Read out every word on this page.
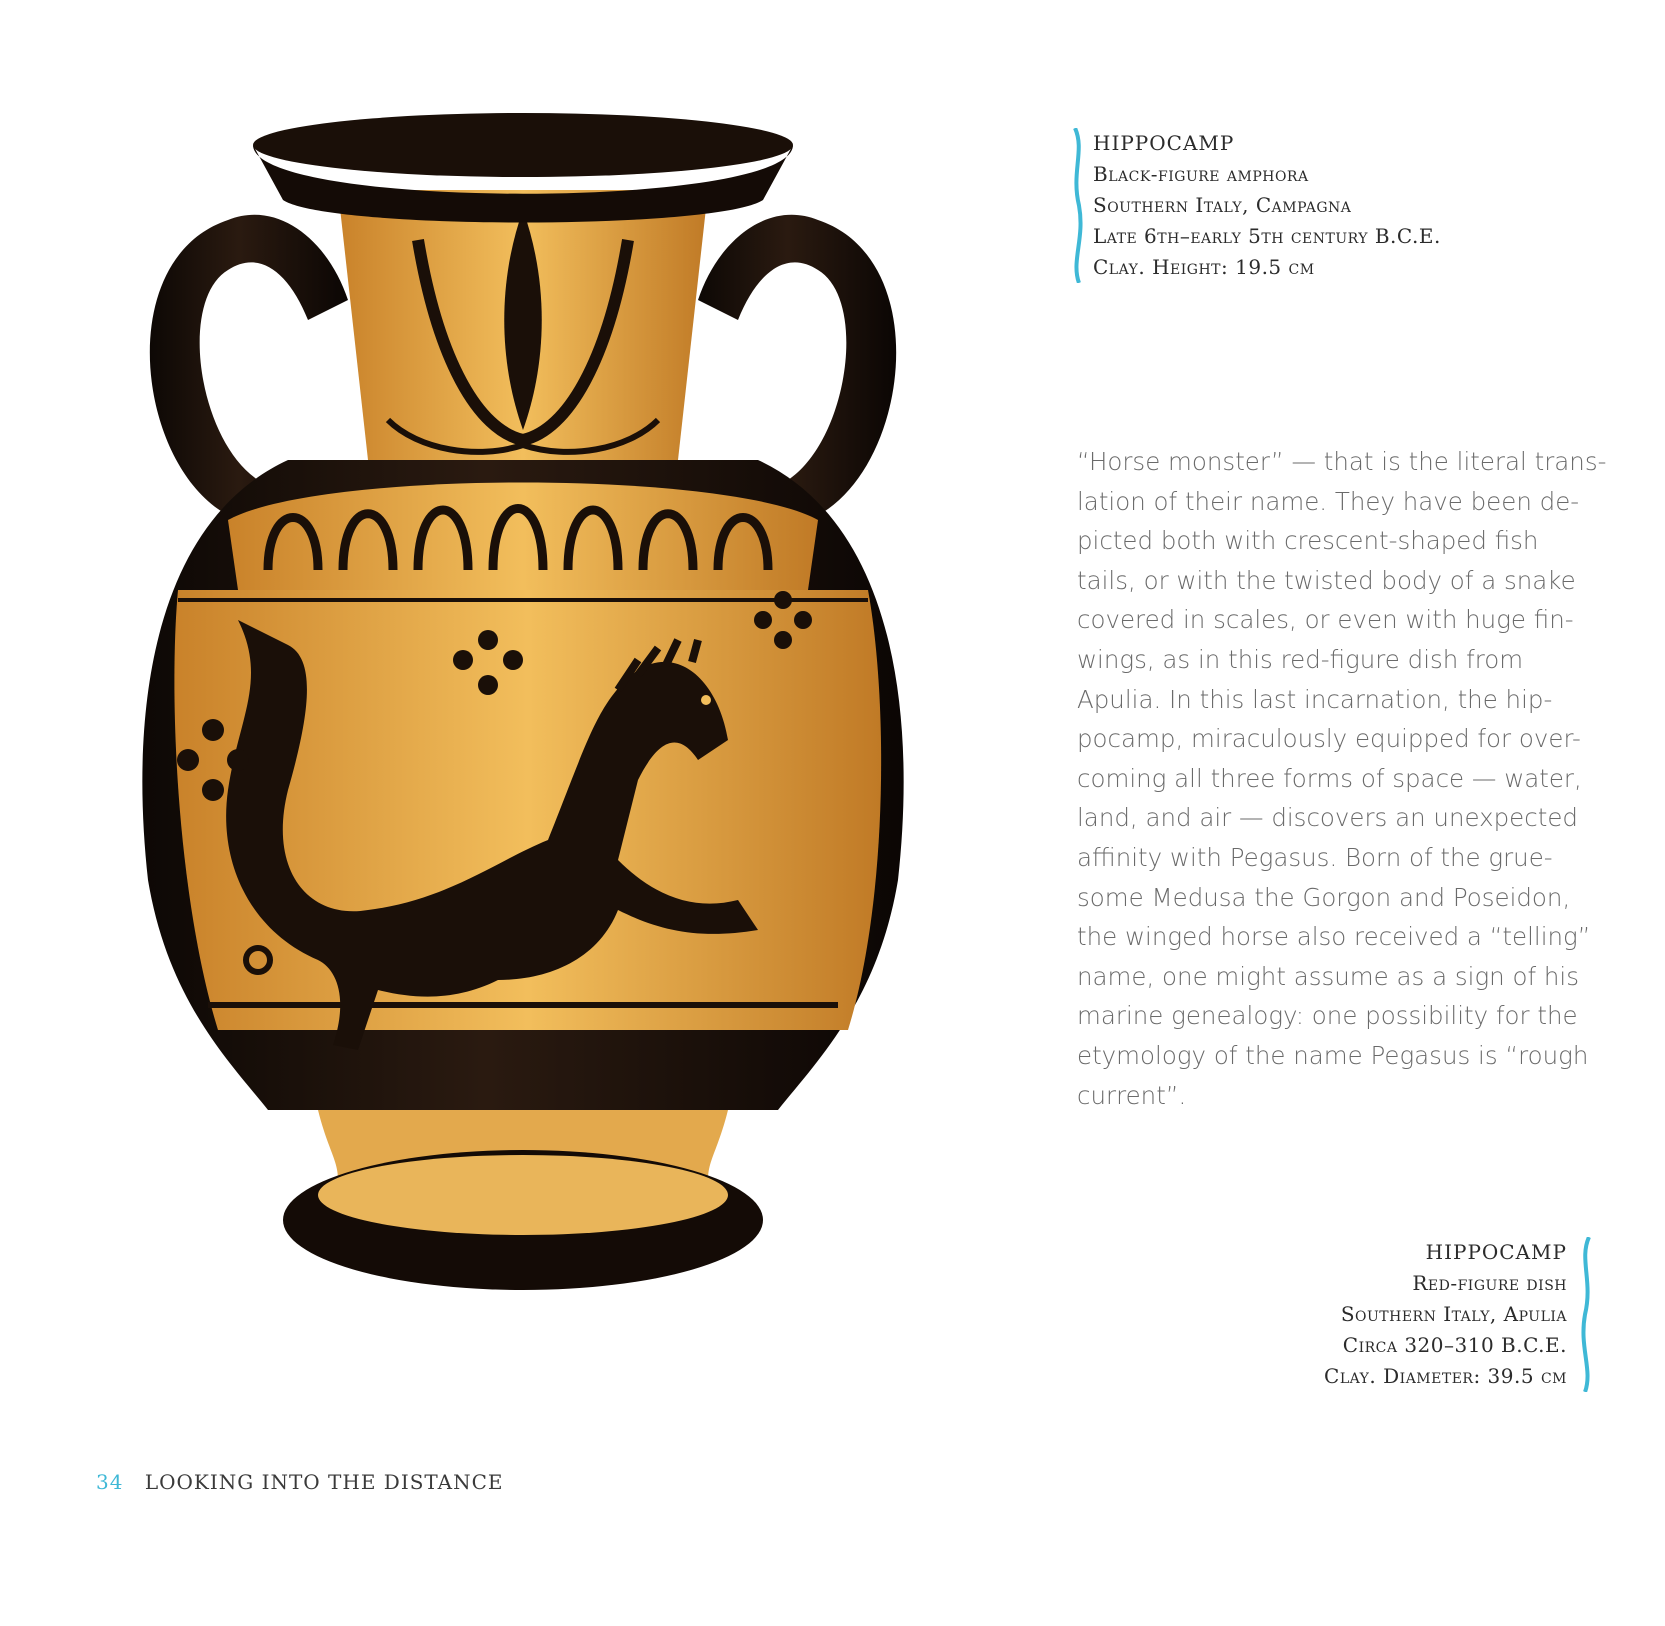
HIPPOCAMP
Black-figure amphora
Southern Italy, Campagna
Late 6th–early 5th century B.C.E.
Clay. Height: 19.5 cm
“Horse monster” — that is the literal trans-
lation of their name. They have been de-
picted both with crescent-shaped fish
tails, or with the twisted body of a snake
covered in scales, or even with huge fin-
wings, as in this red-figure dish from
Apulia. In this last incarnation, the hip-
pocamp, miraculously equipped for over-
coming all three forms of space — water,
land, and air — discovers an unexpected
affinity with Pegasus. Born of the grue-
some Medusa the Gorgon and Poseidon,
the winged horse also received a “telling”
name, one might assume as a sign of his
marine genealogy: one possibility for the
etymology of the name Pegasus is “rough
current”.
HIPPOCAMP
Red-figure dish
Southern Italy, Apulia
Circa 320–310 B.C.E.
Clay. Diameter: 39.5 cm
34 LOOKING INTO THE DISTANCE
